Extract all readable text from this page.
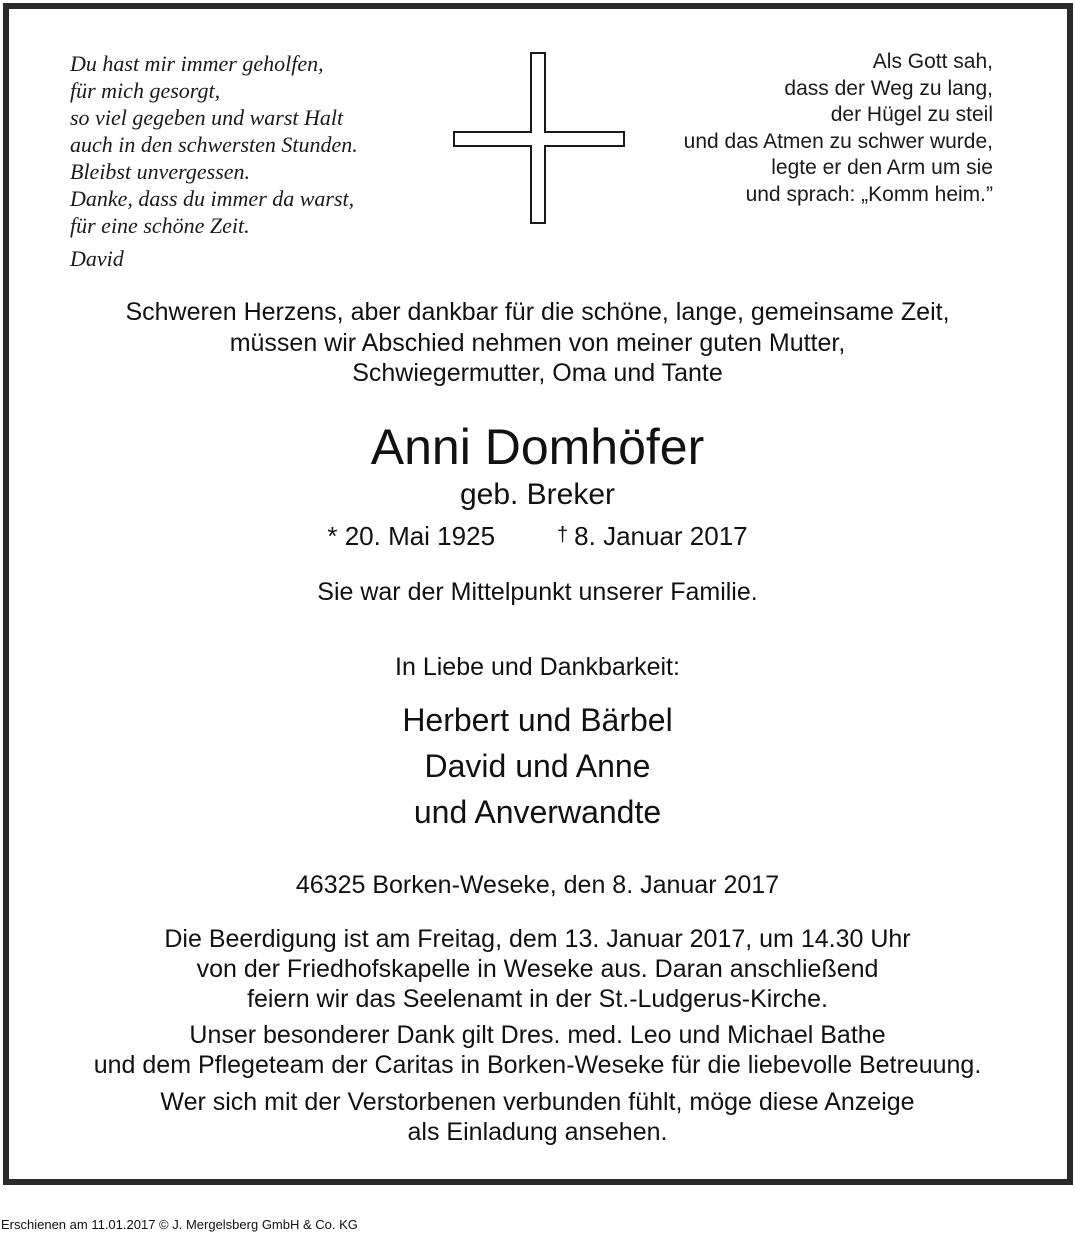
Du hast mir immer geholfen,
für mich gesorgt,
so viel gegeben und warst Halt
auch in den schwersten Stunden.
Bleibst unvergessen.
Danke, dass du immer da warst,
für eine schöne Zeit.
David
Als Gott sah,
dass der Weg zu lang,
der Hügel zu steil
und das Atmen zu schwer wurde,
legte er den Arm um sie
und sprach: „Komm heim.”
Schweren Herzens, aber dankbar für die schöne, lange, gemeinsame Zeit,
müssen wir Abschied nehmen von meiner guten Mutter,
Schwiegermutter, Oma und Tante
Anni Domhöfer
geb. Breker
* 20. Mai 1925	† 8. Januar 2017
Sie war der Mittelpunkt unserer Familie.
In Liebe und Dankbarkeit:
Herbert und Bärbel
David und Anne
und Anverwandte
46325 Borken-Weseke, den 8. Januar 2017
Die Beerdigung ist am Freitag, dem 13. Januar 2017, um 14.30 Uhr
von der Friedhofskapelle in Weseke aus. Daran anschließend
feiern wir das Seelenamt in der St.-Ludgerus-Kirche.
Unser besonderer Dank gilt Dres. med. Leo und Michael Bathe
und dem Pflegeteam der Caritas in Borken-Weseke für die liebevolle Betreuung.
Wer sich mit der Verstorbenen verbunden fühlt, möge diese Anzeige
als Einladung ansehen.
Erschienen am 11.01.2017 © J. Mergelsberg GmbH & Co. KG
